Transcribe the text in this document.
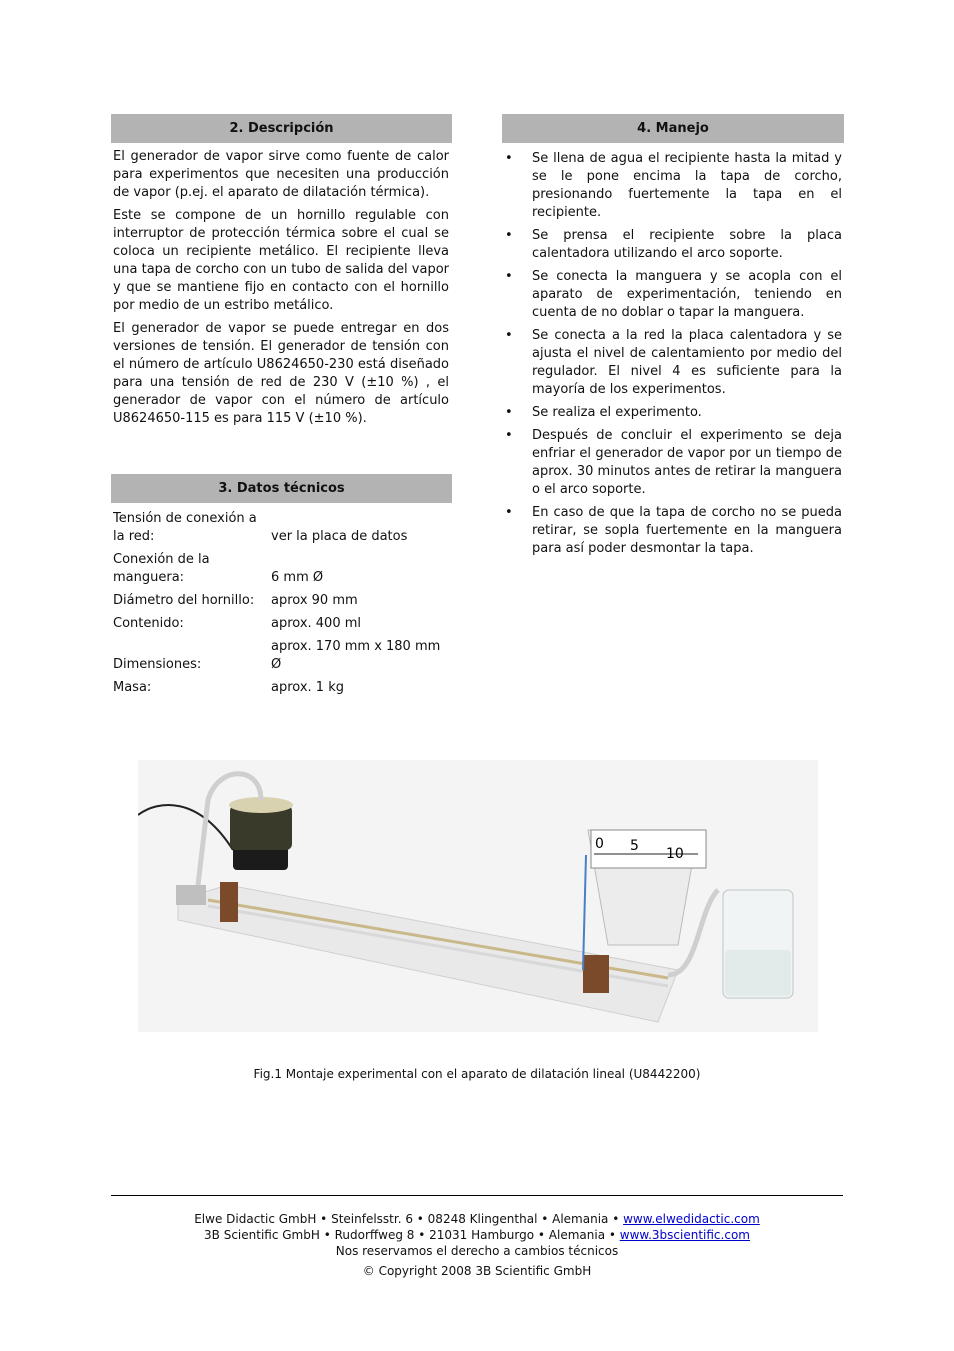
2. Descripción

El generador de vapor sirve como fuente de calor para experimentos que necesiten una producción de vapor (p.ej. el aparato de dilatación térmica).

Este se compone de un hornillo regulable con interruptor de protección térmica sobre el cual se coloca un recipiente metálico. El recipiente lleva una tapa de corcho con un tubo de salida del vapor y que se mantiene fijo en contacto con el hornillo por medio de un estribo metálico.

El generador de vapor se puede entregar en dos versiones de tensión. El generador de tensión con el número de artículo U8624650-230 está diseñado para una tensión de red de 230 V (±10 %) , el generador de vapor con el número de artículo U8624650-115 es para 115 V (±10 %).

3. Datos técnicos
Tensión de conexión a la red:	ver la placa de datos
Conexión de la manguera:	6 mm Ø
Diámetro del hornillo:	aprox 90 mm
Contenido:	aprox. 400 ml
Dimensiones:	aprox. 170 mm x 180 mm Ø
Masa:	aprox. 1 kg
4. Manejo
• Se llena de agua el recipiente hasta la mitad y se le pone encima la tapa de corcho, presionando fuertemente la tapa en el recipiente.
• Se prensa el recipiente sobre la placa calentadora utilizando el arco soporte.
• Se conecta la manguera y se acopla con el aparato de experimentación, teniendo en cuenta de no doblar o tapar la manguera.
• Se conecta a la red la placa calentadora y se ajusta el nivel de calentamiento por medio del regulador. El nivel 4 es suficiente para la mayoría de los experimentos.
• Se realiza el experimento.
• Después de concluir el experimento se deja enfriar el generador de vapor por un tiempo de aprox. 30 minutos antes de retirar la manguera o el arco soporte.
• En caso de que la tapa de corcho no se pueda retirar, se sopla fuertemente en la manguera para así poder desmontar la tapa.
0 5 10
Fig.1 Montaje experimental con el aparato de dilatación lineal (U8442200)
Elwe Didactic GmbH • Steinfelsstr. 6 • 08248 Klingenthal • Alemania • www.elwedidactic.com
3B Scientific GmbH • Rudorffweg 8 • 21031 Hamburgo • Alemania • www.3bscientific.com
Nos reservamos el derecho a cambios técnicos
© Copyright 2008 3B Scientific GmbH
